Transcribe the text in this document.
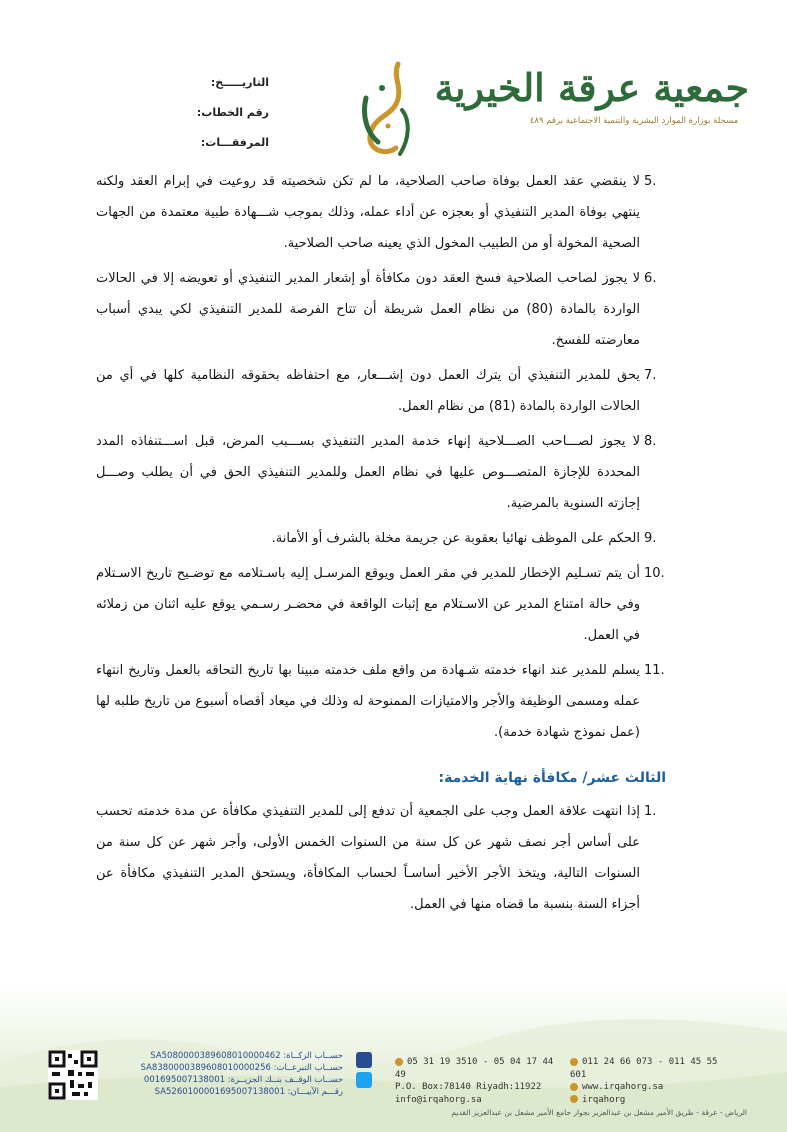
جمعية عرقة الخيرية
مسجلة بوزارة الموارد البشرية والتنمية الاجتماعية برقم ٤٨٩
التاريـــــخ:
رقم الخطاب:
المرفقـــات:
5.
لا ينقضي عقد العمل بوفاة صاحب الصلاحية، ما لم تكن شخصيته قد روعيت في إبرام العقد ولكنه ينتهي بوفاة المدير التنفيذي أو بعجزه عن أداء عمله، وذلك بموجب شـــهادة طبية معتمدة من الجهات الصحية المخولة أو من الطبيب المخول الذي يعينه صاحب الصلاحية.
6.
لا يجوز لصاحب الصلاحية فسخ العقد دون مكافأة أو إشعار المدير التنفيذي أو تعويضه إلا في الحالات الواردة بالمادة (80) من نظام العمل شريطة أن تتاح الفرصة للمدير التنفيذي لكي يبدي أسباب معارضته للفسخ.
7.
يحق للمدير التنفيذي أن يترك العمل دون إشـــعار، مع احتفاظه بحقوقه النظامية كلها في أي من الحالات الواردة بالمادة (81) من نظام العمل.
8.
لا يجوز لصـــاحب الصـــلاحية إنهاء خدمة المدير التنفيذي بســـبب المرض، قبل اســـتنفاذه المدد المحددة للإجازة المتصـــوص عليها في نظام العمل وللمدير التنفيذي الحق في أن يطلب وصـــل إجازته السنوية بالمرضية.
9.
الحكم على الموظف نهائيا بعقوبة عن جريمة مخلة بالشرف أو الأمانة.
10.
أن يتم تسـليم الإخطار للمدير في مقر العمل ويوقع المرسـل إليه باسـتلامه مع توضـيح تاريخ الاسـتلام وفي حالة امتناع المدير عن الاسـتلام مع إثبات الواقعة في محضـر رسـمي يوقع عليه اثنان من زملائه في العمل.
11.
يسلم للمدير عند انهاء خدمته شـهادة من واقع ملف خدمته مبينا بها تاريخ التحاقه بالعمل وتاريخ انتهاء عمله ومسمى الوظيفة والأجر والامتيازات الممنوحة له وذلك في ميعاد أقصاه أسبوع من تاريخ طلبه لها (عمل نموذج شهادة خدمة).
الثالث عشر/ مكافأة نهاية الخدمة:
1.
إذا انتهت علاقة العمل وجب على الجمعية أن تدفع إلى للمدير التنفيذي مكافأة عن مدة خدمته تحسب على أساس أجر نصف شهر عن كل سنة من السنوات الخمس الأولى، وأجر شهر عن كل سنة من السنوات التالية، ويتخذ الأجر الأخير أساسـاً لحساب المكافأة، ويستحق المدير التنفيذي مكافأة عن أجزاء السنة بنسبة ما قضاه منها في العمل.
حســاب الزكــاة: SA5080000389608010000462
حســاب التبرعــات: SA8380000389608010000256
حســاب الوقــف بنــك الجزيــرة: 001695007138001
رقـــم الآيبـــان: SA5260100001695007138001
05 31 19 3510 - 05 04 17 44 49
P.O. Box:78140 Riyadh:11922
info@irqahorg.sa
011 24 66 073 - 011 45 55 601
www.irqahorg.sa
irqahorg
الرياض - عرقة - طريق الأمير مشعل بن عبدالعزيز بجوار جامع الأمير مشعل بن عبدالعزيز القديم
